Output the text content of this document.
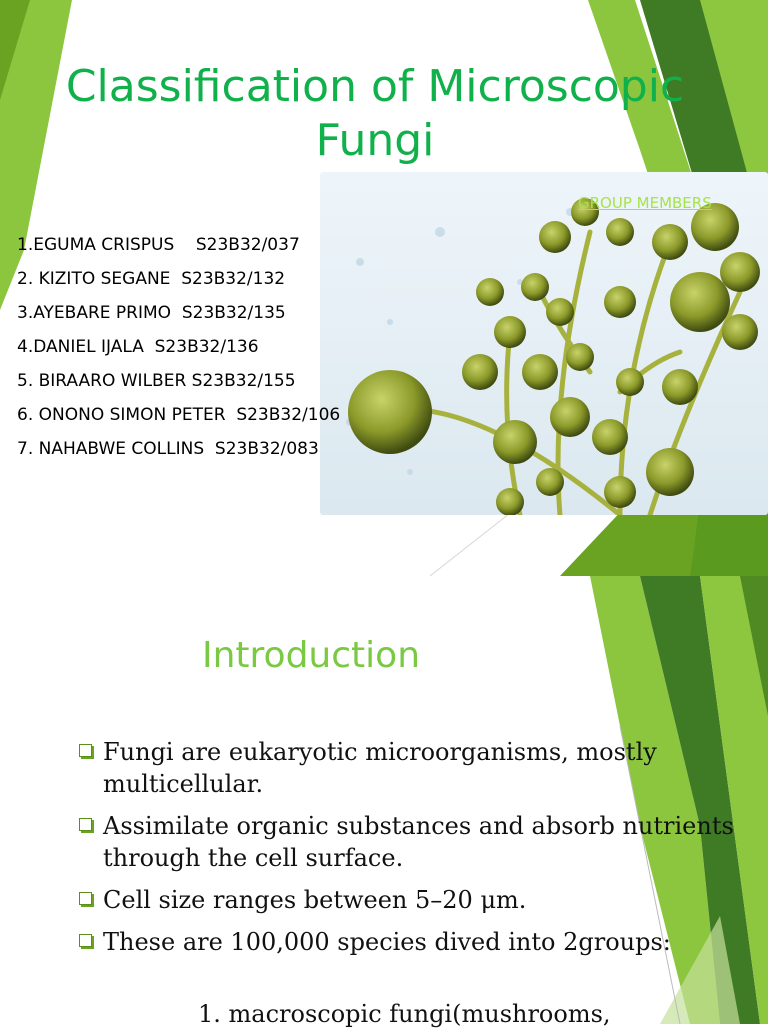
Classification of Microscopic Fungi
GROUP MEMBERS
1.EGUMA CRISPUS    S23B32/037
2. KIZITO SEGANE  S23B32/132
3.AYEBARE PRIMO  S23B32/135
4.DANIEL IJALA  S23B32/136
5. BIRAARO WILBER S23B32/155
6. ONONO SIMON PETER  S23B32/106
7. NAHABWE COLLINS  S23B32/083
Introduction
Fungi are eukaryotic microorganisms, mostly multicellular.
Assimilate organic substances and absorb nutrients through the cell surface.
Cell size ranges between 5–20 μm.
These are 100,000 species dived into 2groups:

1. macroscopic fungi(mushrooms,
